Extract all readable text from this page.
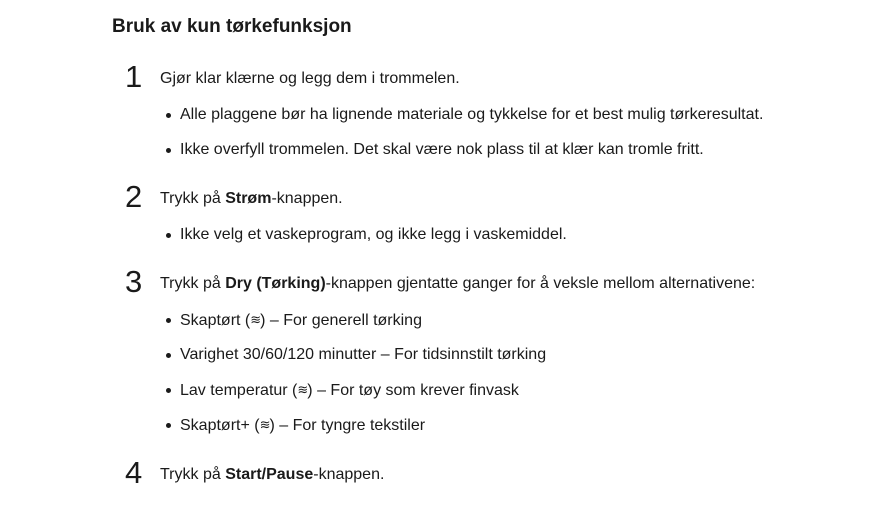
Bruk av kun tørkefunksjon
1 Gjør klar klærne og legg dem i trommelen.
Alle plaggene bør ha lignende materiale og tykkelse for et best mulig tørkeresultat.
Ikke overfyll trommelen. Det skal være nok plass til at klær kan tromle fritt.
2 Trykk på Strøm-knappen.
Ikke velg et vaskeprogram, og ikke legg i vaskemiddel.
3 Trykk på Dry (Tørking)-knappen gjentatte ganger for å veksle mellom alternativene:
Skaptørt (≋) – For generell tørking
Varighet 30/60/120 minutter – For tidsinnstilt tørking
Lav temperatur (≋) – For tøy som krever finvask
Skaptørt+ (≋) – For tyngre tekstiler
4 Trykk på Start/Pause-knappen.
